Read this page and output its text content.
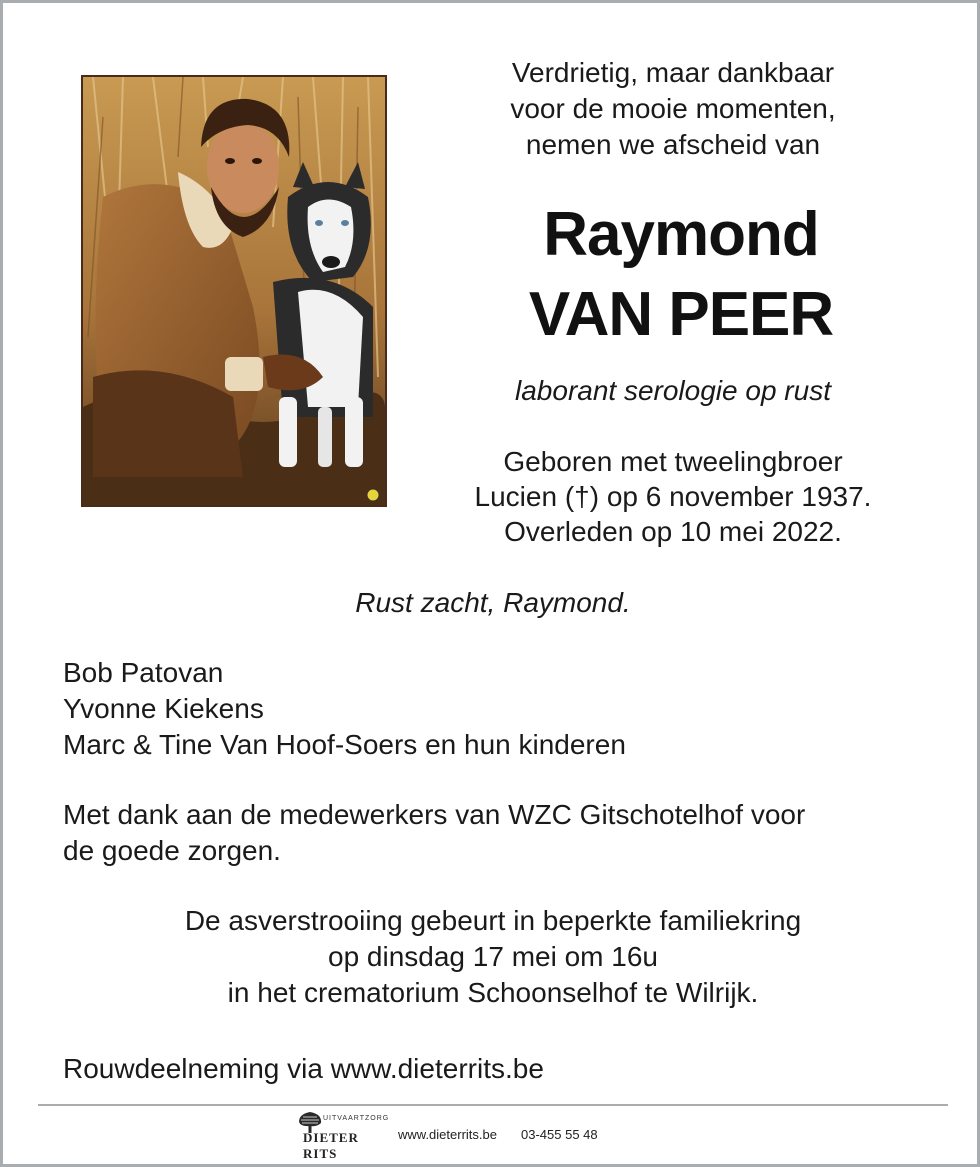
Verdrietig, maar dankbaar
voor de mooie momenten,
nemen we afscheid van
Raymond
VAN PEER
laborant serologie op rust
Geboren met tweelingbroer
Lucien (†) op 6 november 1937.
Overleden op 10 mei 2022.
Rust zacht, Raymond.
Bob Patovan
Yvonne Kiekens
Marc & Tine Van Hoof-Soers en hun kinderen
Met dank aan de medewerkers van WZC Gitschotelhof voor
de goede zorgen.
De asverstrooiing gebeurt in beperkte familiekring
op dinsdag 17 mei om 16u
in het crematorium Schoonselhof te Wilrijk.
Rouwdeelneming via www.dieterrits.be
UITVAARTZORG
DIETER RITS
www.dieterrits.be 03-455 55 48
